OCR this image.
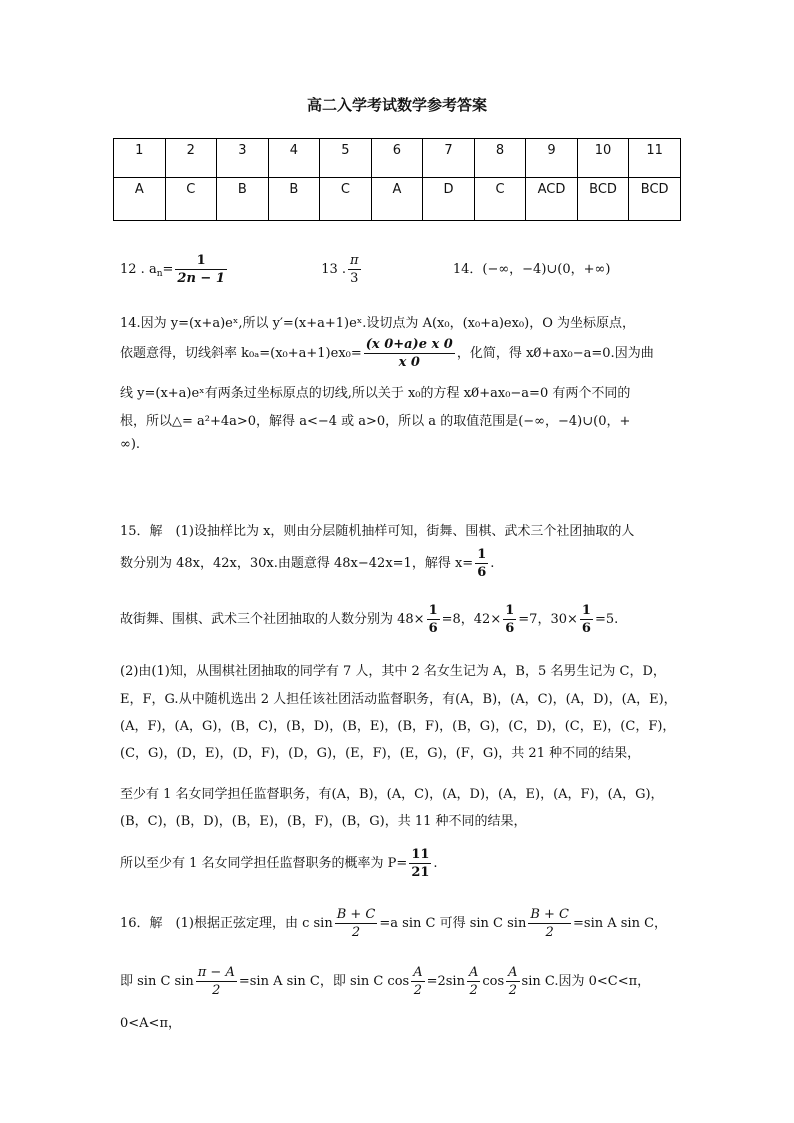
高二入学考试数学参考答案
1	2	3	4	5	6	7	8	9	10	11
A	C	B	B	C	A	D	C	ACD	BCD	BCD
12 . $a_n= \frac{1}{2n - 1}$	13 . $\frac{\pi}{3}$	14．(−∞，−4)∪(0，+∞)
14.因为 y=(x+a)eˣ,所以 y′=(x+a+1)eˣ.设切点为 A(x₀，(x₀+a)ex₀)，O 为坐标原点，
依题意得，切线斜率 $k_{0a}=(x_0+a+1)ex_0= \frac{\text{(x 0+a)e x 0}}{x 0}$ ，化简，得 x0̸+ax₀−a=0.因为曲
线 y=(x+a)eˣ有两条过坐标原点的切线,所以关于 x₀的方程 x0̸+ax₀−a=0 有两个不同的
根，所以△= a²+4a>0，解得 a<−4 或 a>0，所以 a 的取值范围是(−∞，−4)∪(0，+
∞).
15．解　(1)设抽样比为 x，则由分层随机抽样可知，街舞、围棋、武术三个社团抽取的人
数分别为 48x，42x，30x.由题意得 48x−42x=1，解得 $x= \frac{1}{6}$ .
故街舞、围棋、武术三个社团抽取的人数分别为 $48\times \frac{1}{6} =8$，$42\times \frac{1}{6} =7$，$30\times \frac{1}{6} =5$.
(2)由(1)知，从围棋社团抽取的同学有 7 人，其中 2 名女生记为 A，B，5 名男生记为 C，D，
E，F，G.从中随机选出 2 人担任该社团活动监督职务，有(A，B)，(A，C)，(A，D)，(A，E)，
(A，F)，(A，G)，(B，C)，(B，D)，(B，E)，(B，F)，(B，G)，(C，D)，(C，E)，(C，F)，
(C，G)，(D，E)，(D，F)，(D，G)，(E，F)，(E，G)，(F，G)，共 21 种不同的结果，
至少有 1 名女同学担任监督职务，有(A，B)，(A，C)，(A，D)，(A，E)，(A，F)，(A，G)，
(B，C)，(B，D)，(B，E)，(B，F)，(B，G)，共 11 种不同的结果，
所以至少有 1 名女同学担任监督职务的概率为 $P= \frac{11}{21}$ .
16．解　(1)根据正弦定理，由 c $\sin \frac{B + C}{2} =a$ sin C 可得 sin C $\sin \frac{B + C}{2} =\sin$ A sin C，
即 sin C $\sin \frac{\pi - A}{2} =\sin$ A sin C，即 sin C $\cos \frac{A}{2} =2\sin \frac{A}{2}$ $\cos \frac{A}{2}$ sin C.因为 0<C<π，
0<A<π，
